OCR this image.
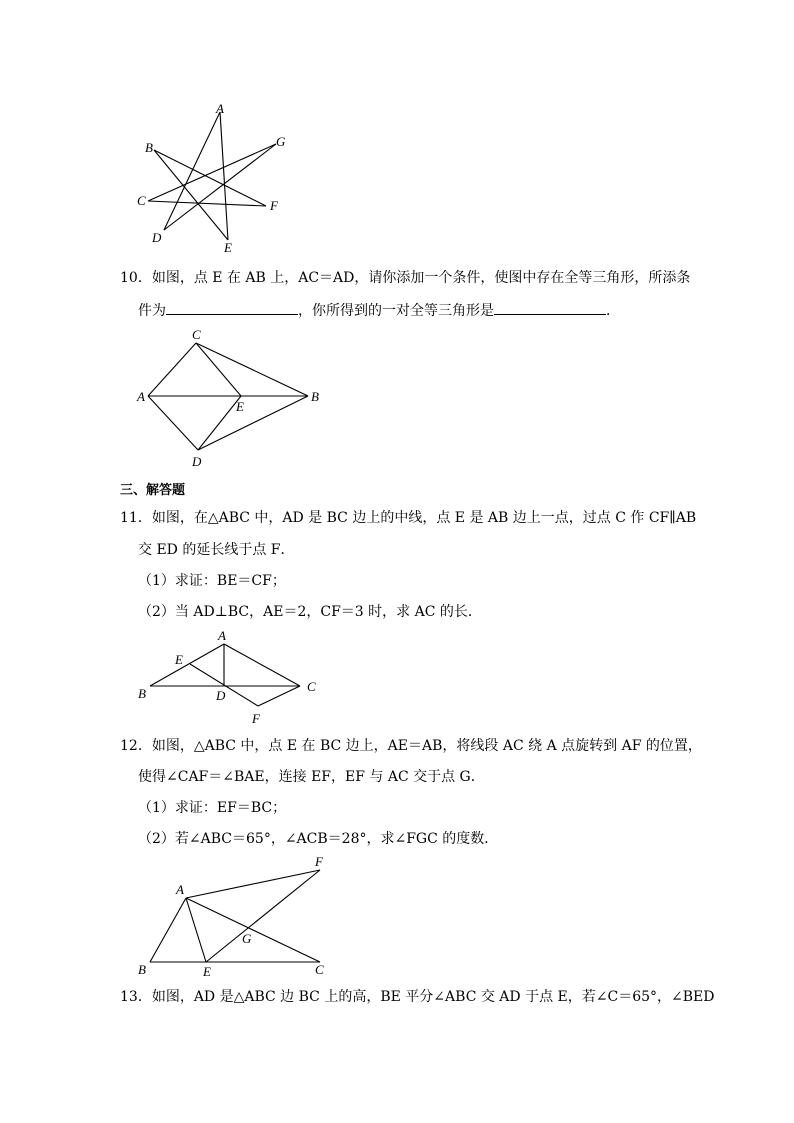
A
B
C
D
E
F
G
10．如图，点 E 在 AB 上，AC＝AD，请你添加一个条件，使图中存在全等三角形，所添条
件为	，你所得到的一对全等三角形是	．
C
A
E
B
D
三、解答题
11．如图，在△ABC 中，AD 是 BC 边上的中线，点 E 是 AB 边上一点，过点 C 作 CF∥AB
交 ED 的延长线于点 F．
（1）求证：BE＝CF；
（2）当 AD⊥BC，AE＝2，CF＝3 时，求 AC 的长．
A
E
B	D
C
F
12．如图，△ABC 中，点 E 在 BC 边上，AE＝AB，将线段 AC 绕 A 点旋转到 AF 的位置，
使得∠CAF＝∠BAE，连接 EF，EF 与 AC 交于点 G．
（1）求证：EF＝BC；
（2）若∠ABC＝65°，∠ACB＝28°，求∠FGC 的度数．
A
F
G
B	E	C
13．如图，AD 是△ABC 边 BC 上的高，BE 平分∠ABC 交 AD 于点 E，若∠C＝65°，∠BED
